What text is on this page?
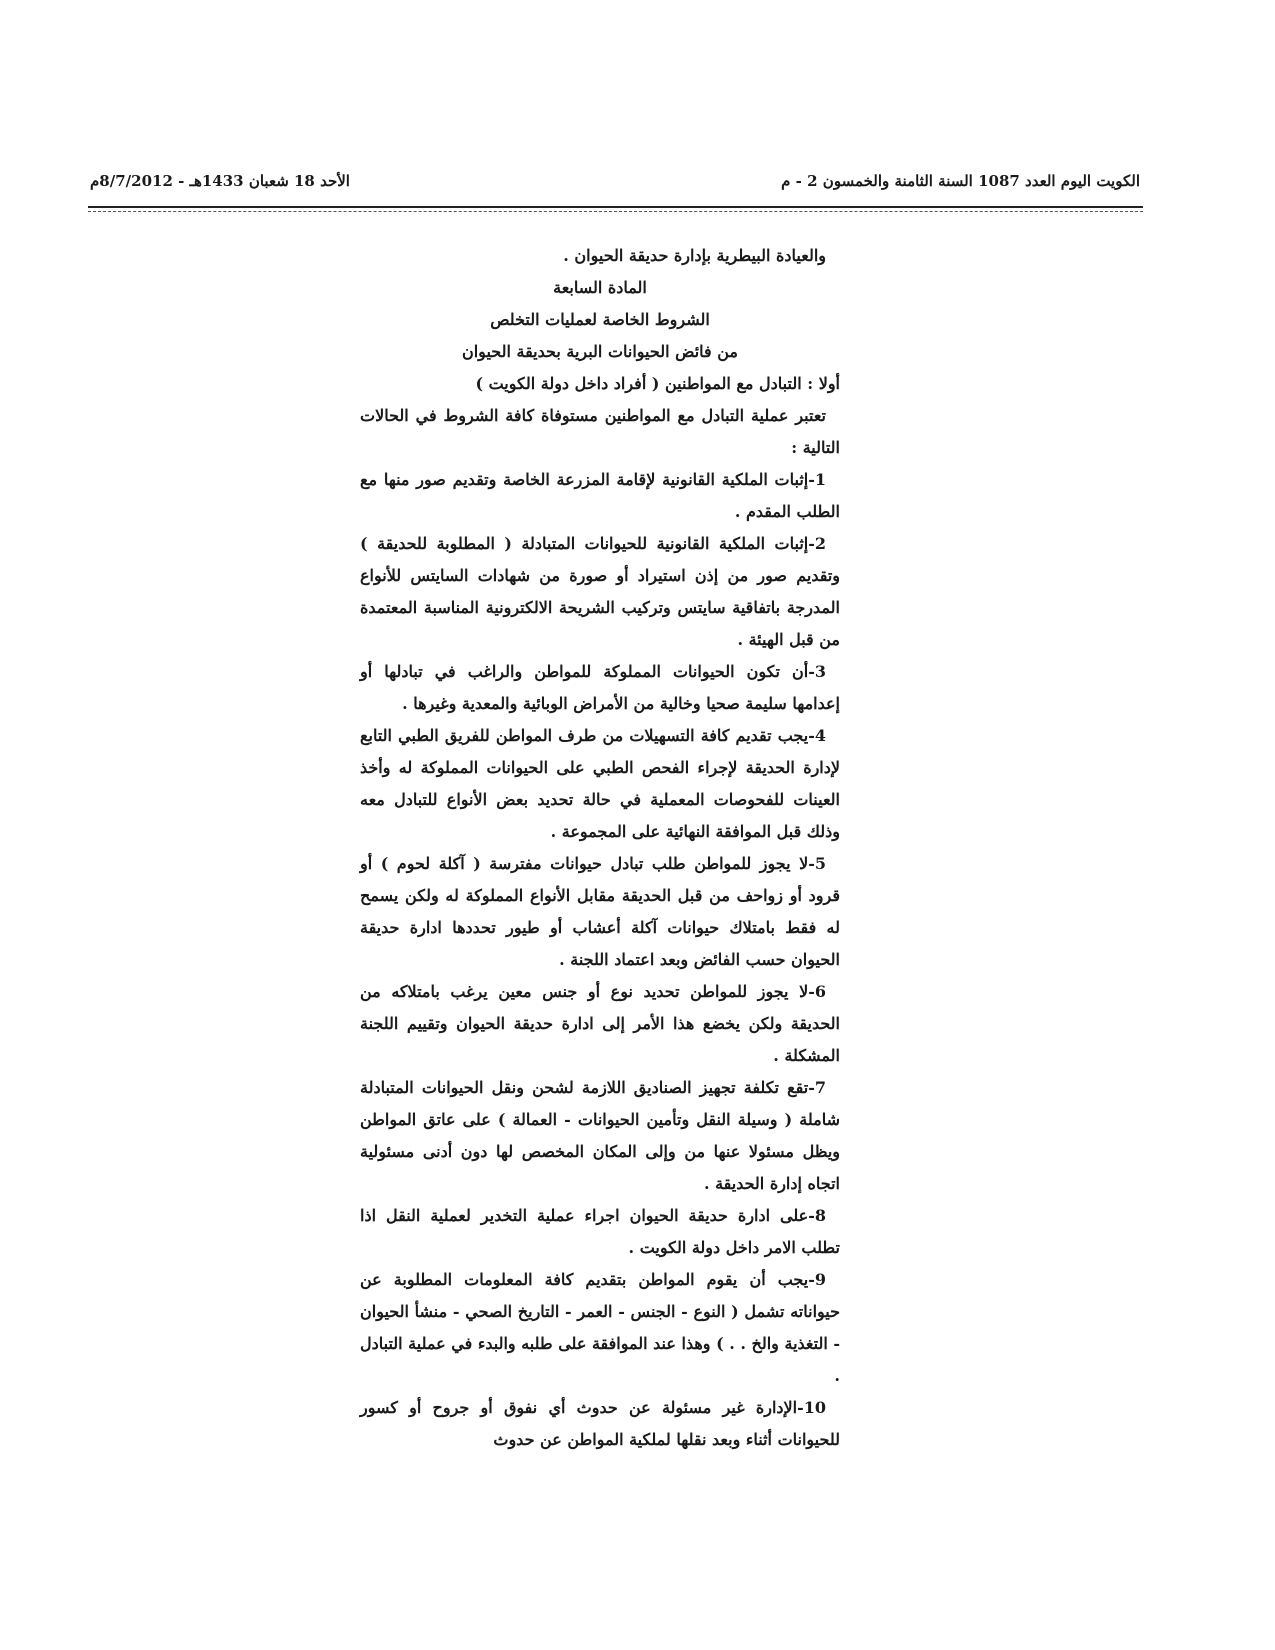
الكويت اليوم العدد 1087 السنة الثامنة والخمسون 2 - م
الأحد 18 شعبان 1433هـ - 8/7/2012م

والعيادة البيطرية بإدارة حديقة الحيوان .

المادة السابعة

الشروط الخاصة لعمليات التخلص

من فائض الحيوانات البرية بحديقة الحيوان

أولا : التبادل مع المواطنين ( أفراد داخل دولة الكويت )

تعتبر عملية التبادل مع المواطنين مستوفاة كافة الشروط في الحالات التالية :

1-إثبات الملكية القانونية لإقامة المزرعة الخاصة وتقديم صور منها مع الطلب المقدم .

2-إثبات الملكية القانونية للحيوانات المتبادلة ( المطلوبة للحديقة ) وتقديم صور من إذن استيراد أو صورة من شهادات السايتس للأنواع المدرجة باتفاقية سايتس وتركيب الشريحة الالكترونية المناسبة المعتمدة من قبل الهيئة .

3-أن تكون الحيوانات المملوكة للمواطن والراغب في تبادلها أو إعدامها سليمة صحيا وخالية من الأمراض الوبائية والمعدية وغيرها .

4-يجب تقديم كافة التسهيلات من طرف المواطن للفريق الطبي التابع لإدارة الحديقة لإجراء الفحص الطبي على الحيوانات المملوكة له وأخذ العينات للفحوصات المعملية في حالة تحديد بعض الأنواع للتبادل معه وذلك قبل الموافقة النهائية على المجموعة .

5-لا يجوز للمواطن طلب تبادل حيوانات مفترسة ( آكلة لحوم ) أو قرود أو زواحف من قبل الحديقة مقابل الأنواع المملوكة له ولكن يسمح له فقط بامتلاك حيوانات آكلة أعشاب أو طيور تحددها ادارة حديقة الحيوان حسب الفائض وبعد اعتماد اللجنة .

6-لا يجوز للمواطن تحديد نوع أو جنس معين يرغب بامتلاكه من الحديقة ولكن يخضع هذا الأمر إلى ادارة حديقة الحيوان وتقييم اللجنة المشكلة .

7-تقع تكلفة تجهيز الصناديق اللازمة لشحن ونقل الحيوانات المتبادلة شاملة ( وسيلة النقل وتأمين الحيوانات - العمالة ) على عاتق المواطن ويظل مسئولا عنها من وإلى المكان المخصص لها دون أدنى مسئولية اتجاه إدارة الحديقة .

8-على ادارة حديقة الحيوان اجراء عملية التخدير لعملية النقل اذا تطلب الامر داخل دولة الكويت .

9-يجب أن يقوم المواطن بتقديم كافة المعلومات المطلوبة عن حيواناته تشمل ( النوع - الجنس - العمر - التاريخ الصحي - منشأ الحيوان - التغذية والخ . . ) وهذا عند الموافقة على طلبه والبدء في عملية التبادل .

10-الإدارة غير مسئولة عن حدوث أي نفوق أو جروح أو كسور للحيوانات أثناء وبعد نقلها لملكية المواطن عن حدوث
